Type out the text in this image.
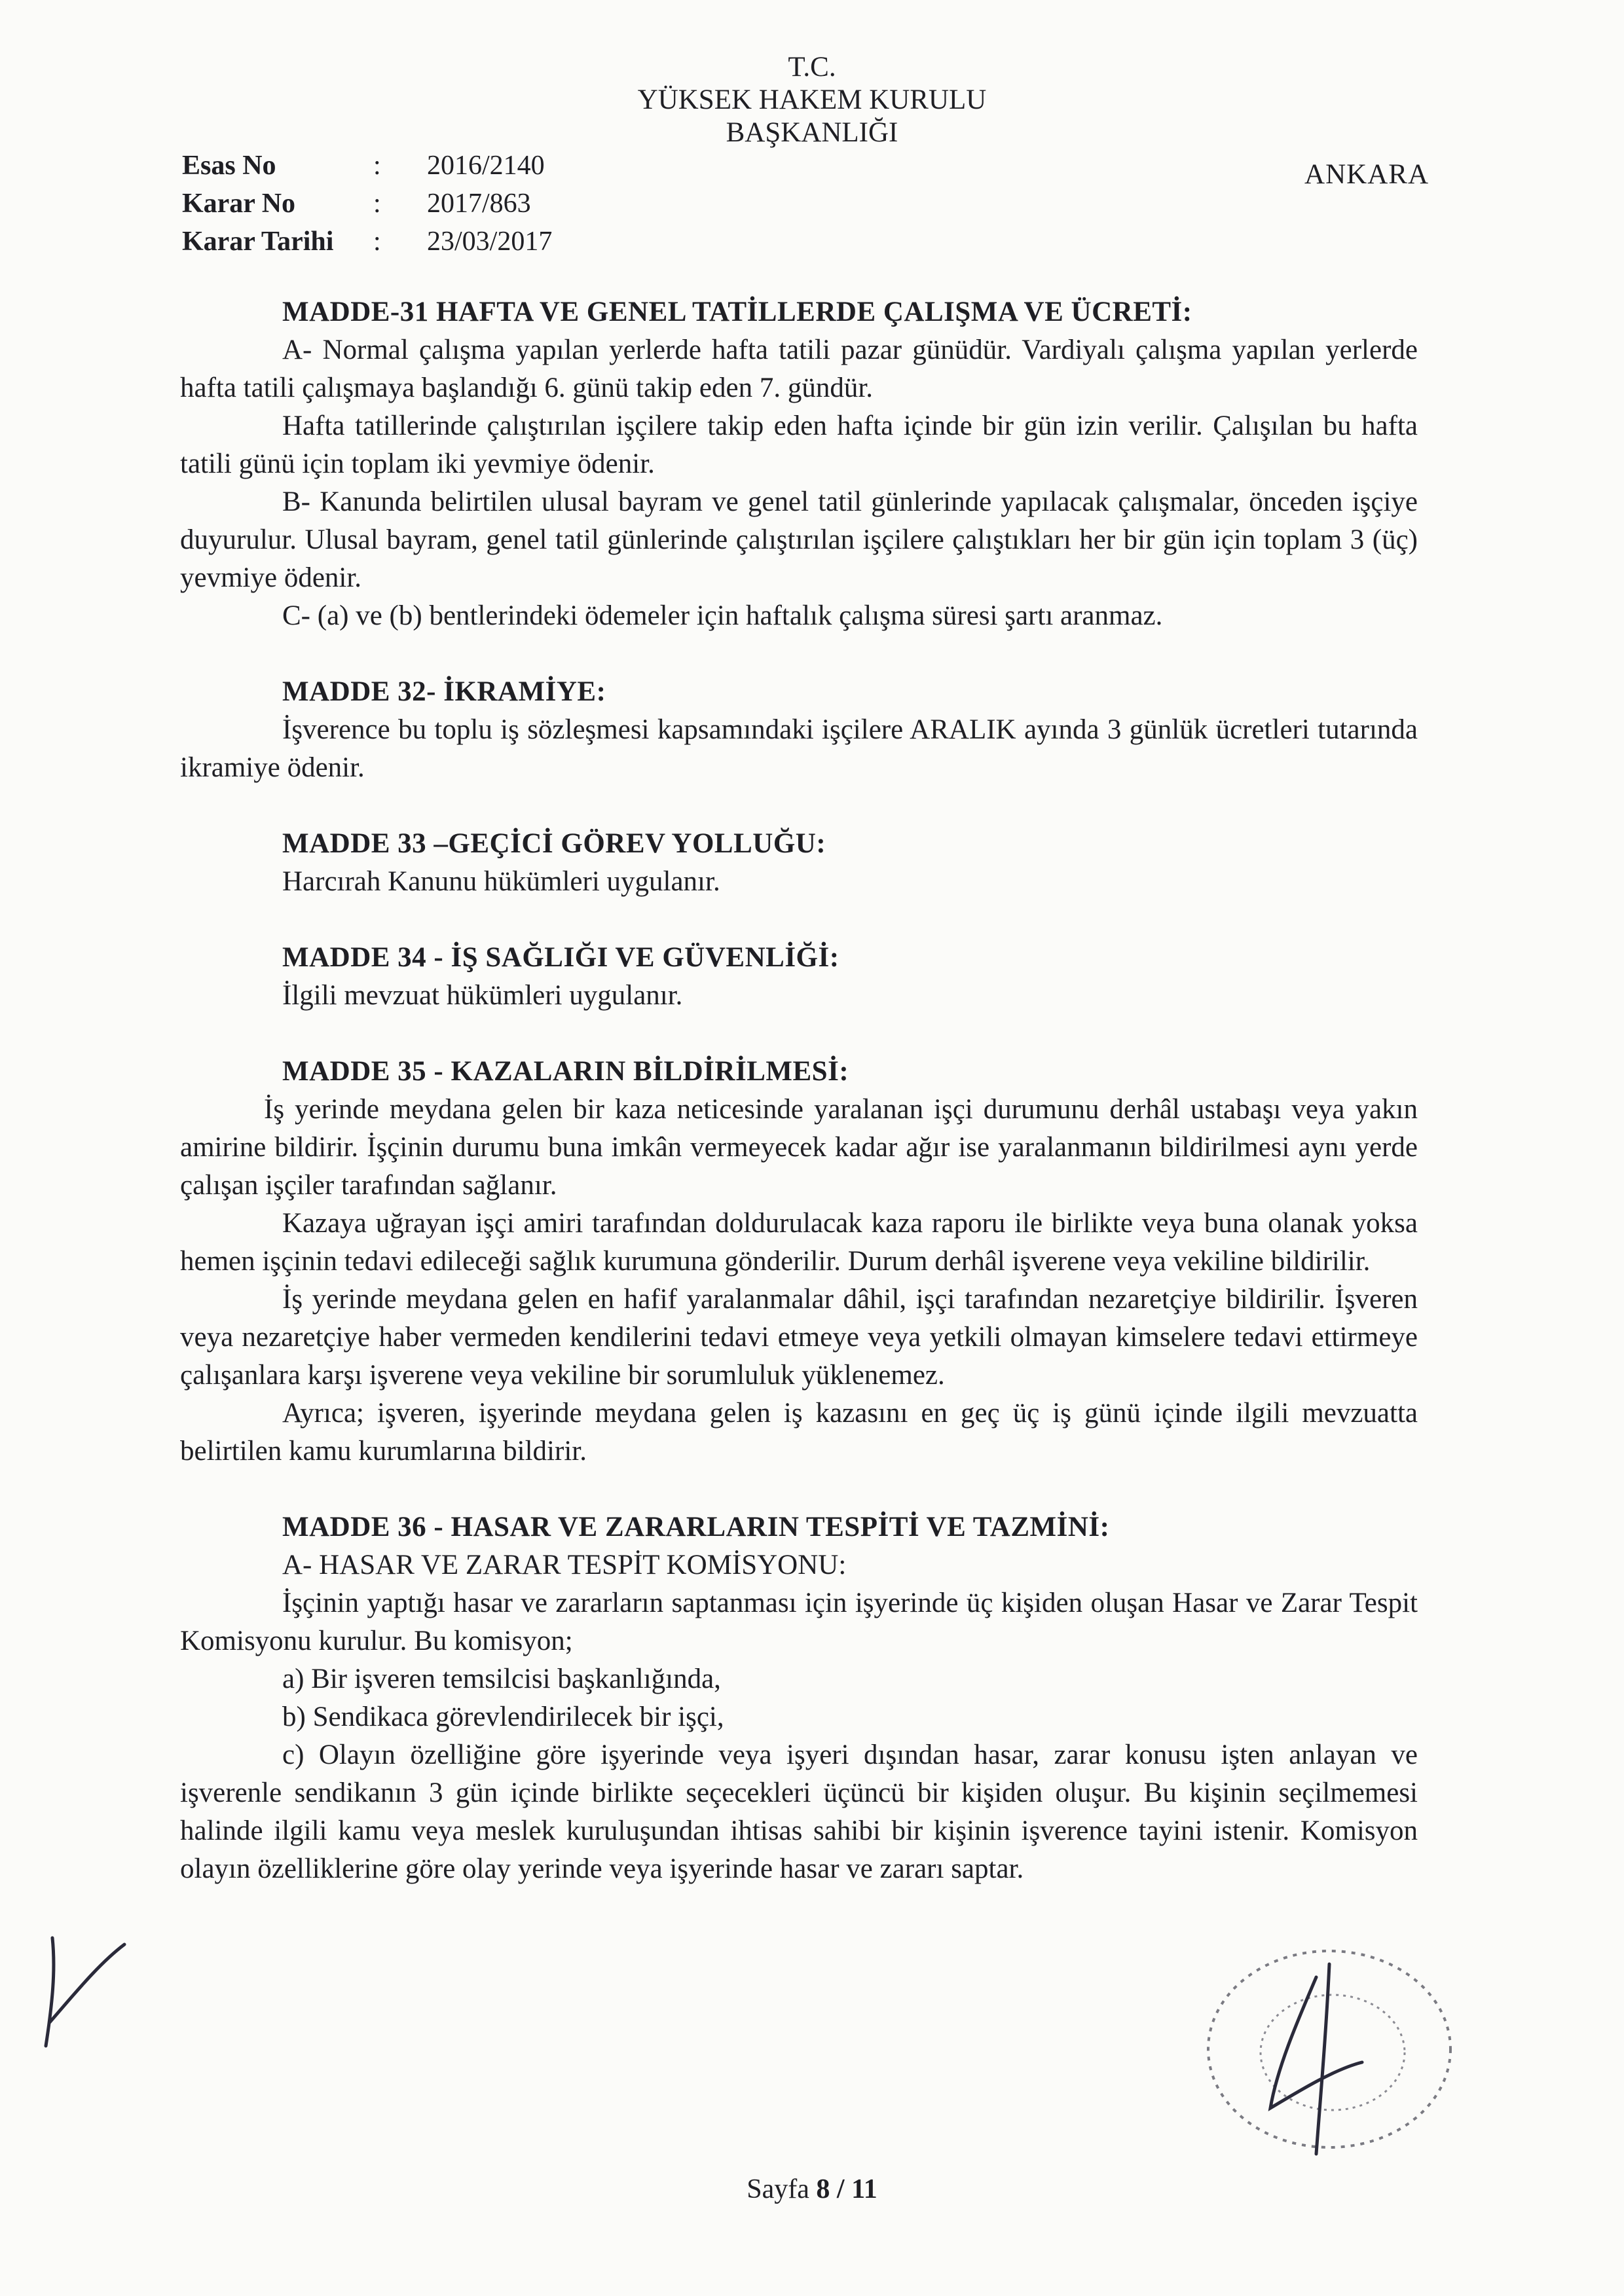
T.C.
YÜKSEK HAKEM KURULU
BAŞKANLIĞI
Esas No	:	2016/2140
Karar No	:	2017/863
Karar Tarihi	:	23/03/2017
ANKARA

MADDE-31 HAFTA VE GENEL TATİLLERDE ÇALIŞMA VE ÜCRETİ:

A- Normal çalışma yapılan yerlerde hafta tatili pazar günüdür. Vardiyalı çalışma yapılan yerlerde hafta tatili çalışmaya başlandığı 6. günü takip eden 7. gündür.

Hafta tatillerinde çalıştırılan işçilere takip eden hafta içinde bir gün izin verilir. Çalışılan bu hafta tatili günü için toplam iki yevmiye ödenir.

B- Kanunda belirtilen ulusal bayram ve genel tatil günlerinde yapılacak çalışmalar, önceden işçiye duyurulur. Ulusal bayram, genel tatil günlerinde çalıştırılan işçilere çalıştıkları her bir gün için toplam 3 (üç) yevmiye ödenir.

C- (a) ve (b) bentlerindeki ödemeler için haftalık çalışma süresi şartı aranmaz.

MADDE 32- İKRAMİYE:

İşverence bu toplu iş sözleşmesi kapsamındaki işçilere ARALIK ayında 3 günlük ücretleri tutarında ikramiye ödenir.

MADDE 33 –GEÇİCİ GÖREV YOLLUĞU:

Harcırah Kanunu hükümleri uygulanır.

MADDE 34 - İŞ SAĞLIĞI VE GÜVENLİĞİ:

İlgili mevzuat hükümleri uygulanır.

MADDE 35 - KAZALARIN BİLDİRİLMESİ:

İş yerinde meydana gelen bir kaza neticesinde yaralanan işçi durumunu derhâl ustabaşı veya yakın amirine bildirir. İşçinin durumu buna imkân vermeyecek kadar ağır ise yaralanmanın bildirilmesi aynı yerde çalışan işçiler tarafından sağlanır.

Kazaya uğrayan işçi amiri tarafından doldurulacak kaza raporu ile birlikte veya buna olanak yoksa hemen işçinin tedavi edileceği sağlık kurumuna gönderilir. Durum derhâl işverene veya vekiline bildirilir.

İş yerinde meydana gelen en hafif yaralanmalar dâhil, işçi tarafından nezaretçiye bildirilir. İşveren veya nezaretçiye haber vermeden kendilerini tedavi etmeye veya yetkili olmayan kimselere tedavi ettirmeye çalışanlara karşı işverene veya vekiline bir sorumluluk yüklenemez.

Ayrıca; işveren, işyerinde meydana gelen iş kazasını en geç üç iş günü içinde ilgili mevzuatta belirtilen kamu kurumlarına bildirir.

MADDE 36 - HASAR VE ZARARLARIN TESPİTİ VE TAZMİNİ:

A- HASAR VE ZARAR TESPİT KOMİSYONU:

İşçinin yaptığı hasar ve zararların saptanması için işyerinde üç kişiden oluşan Hasar ve Zarar Tespit Komisyonu kurulur. Bu komisyon;

a) Bir işveren temsilcisi başkanlığında,

b) Sendikaca görevlendirilecek bir işçi,

c) Olayın özelliğine göre işyerinde veya işyeri dışından hasar, zarar konusu işten anlayan ve işverenle sendikanın 3 gün içinde birlikte seçecekleri üçüncü bir kişiden oluşur. Bu kişinin seçilmemesi halinde ilgili kamu veya meslek kuruluşundan ihtisas sahibi bir kişinin işverence tayini istenir. Komisyon olayın özelliklerine göre olay yerinde veya işyerinde hasar ve zararı saptar.

Sayfa 8 / 11
